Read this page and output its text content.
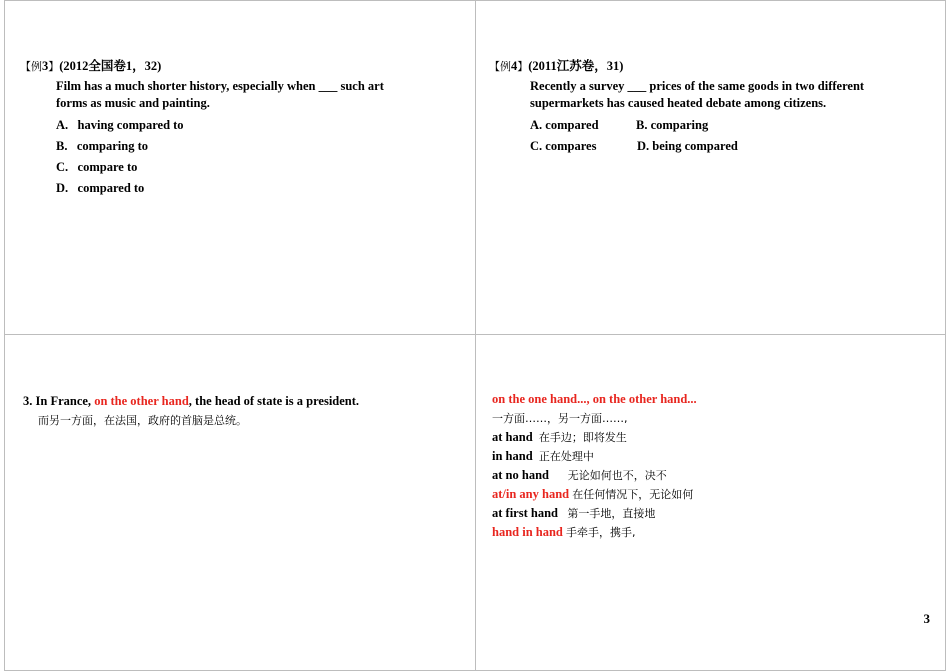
【例3】(2012全国卷1，32)
Film has a much shorter history, especially when ___ such art
forms as music and painting.
A. having compared to
B. comparing to
C. compare to
D. compared to
【例4】(2011江苏卷，31)
Recently a survey ___ prices of the same goods in two different
supermarkets has caused heated debate among citizens.
A. compared	B. comparing
C. compares	D. being compared
3. In France, on the other hand, the head of state is a president.
而另一方面，在法国，政府的首脑是总统。
on the one hand..., on the other hand...
一方面……，另一方面……,
at hand 在手边；即将发生
in hand 正在处理中
at no hand 无论如何也不，决不
at/in any hand 在任何情况下，无论如何
at first hand 第一手地，直接地
hand in hand 手牵手，携手,
3
